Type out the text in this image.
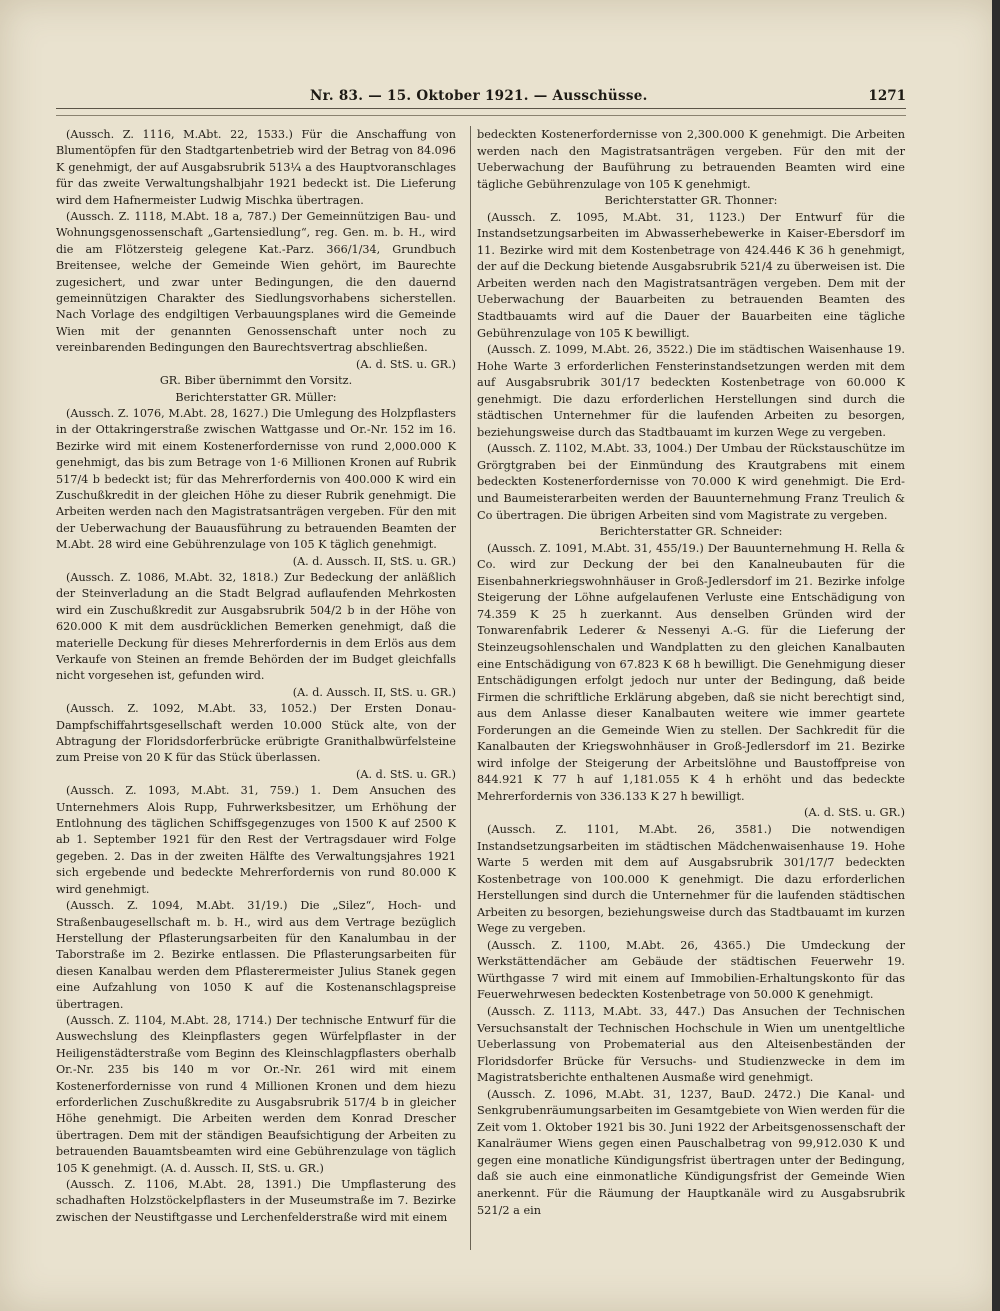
Nr. 83. — 15. Oktober 1921. — Ausschüsse.	1271

(Aussch. Z. 1116, M.Abt. 22, 1533.) Für die Anschaffung von Blumentöpfen für den Stadtgartenbetrieb wird der Betrag von 84.096 K genehmigt, der auf Ausgabsrubrik 513¼ a des Hauptvoranschlages für das zweite Verwaltungshalbjahr 1921 bedeckt ist. Die Lieferung wird dem Hafnermeister Ludwig Mischka übertragen.

(Aussch. Z. 1118, M.Abt. 18 a, 787.) Der Gemeinnützigen Bau- und Wohnungsgenossenschaft „Gartensiedlung“, reg. Gen. m. b. H., wird die am Flötzersteig gelegene Kat.-Parz. 366/1/34, Grundbuch Breitensee, welche der Gemeinde Wien gehört, im Baurechte zugesichert, und zwar unter Bedingungen, die den dauernd gemeinnützigen Charakter des Siedlungsvorhabens sicherstellen. Nach Vorlage des endgiltigen Verbauungsplanes wird die Gemeinde Wien mit der genannten Genossenschaft unter noch zu vereinbarenden Bedingungen den Baurechtsvertrag abschließen.

(A. d. StS. u. GR.)

GR. Biber übernimmt den Vorsitz.

Berichterstatter GR. Müller:

(Aussch. Z. 1076, M.Abt. 28, 1627.) Die Umlegung des Holzpflasters in der Ottakringerstraße zwischen Wattgasse und Or.-Nr. 152 im 16. Bezirke wird mit einem Kostenerfordernisse von rund 2,000.000 K genehmigt, das bis zum Betrage von 1·6 Millionen Kronen auf Rubrik 517/4 b bedeckt ist; für das Mehrerfordernis von 400.000 K wird ein Zuschußkredit in der gleichen Höhe zu dieser Rubrik genehmigt. Die Arbeiten werden nach den Magistratsanträgen vergeben. Für den mit der Ueberwachung der Bauausführung zu betrauenden Beamten der M.Abt. 28 wird eine Gebührenzulage von 105 K täglich genehmigt.

(A. d. Aussch. II, StS. u. GR.)

(Aussch. Z. 1086, M.Abt. 32, 1818.) Zur Bedeckung der anläßlich der Steinverladung an die Stadt Belgrad auflaufenden Mehrkosten wird ein Zuschußkredit zur Ausgabsrubrik 504/2 b in der Höhe von 620.000 K mit dem ausdrücklichen Bemerken genehmigt, daß die materielle Deckung für dieses Mehrerfordernis in dem Erlös aus dem Verkaufe von Steinen an fremde Behörden der im Budget gleichfalls nicht vorgesehen ist, gefunden wird.

(A. d. Aussch. II, StS. u. GR.)

(Aussch. Z. 1092, M.Abt. 33, 1052.) Der Ersten Donau-Dampfschiffahrtsgesellschaft werden 10.000 Stück alte, von der Abtragung der Floridsdorferbrücke erübrigte Granithalbwürfelsteine zum Preise von 20 K für das Stück überlassen.

(A. d. StS. u. GR.)

(Aussch. Z. 1093, M.Abt. 31, 759.) 1. Dem Ansuchen des Unternehmers Alois Rupp, Fuhrwerksbesitzer, um Erhöhung der Entlohnung des täglichen Schiffsgegenzuges von 1500 K auf 2500 K ab 1. September 1921 für den Rest der Vertragsdauer wird Folge gegeben. 2. Das in der zweiten Hälfte des Verwaltungsjahres 1921 sich ergebende und bedeckte Mehrerfordernis von rund 80.000 K wird genehmigt.

(Aussch. Z. 1094, M.Abt. 31/19.) Die „Silez“, Hoch- und Straßenbaugesellschaft m. b. H., wird aus dem Vertrage bezüglich Herstellung der Pflasterungsarbeiten für den Kanalumbau in der Taborstraße im 2. Bezirke entlassen. Die Pflasterungsarbeiten für diesen Kanalbau werden dem Pflasterermeister Julius Stanek gegen eine Aufzahlung von 1050 K auf die Kostenanschlagspreise übertragen.

(Aussch. Z. 1104, M.Abt. 28, 1714.) Der technische Entwurf für die Auswechslung des Kleinpflasters gegen Würfelpflaster in der Heiligenstädterstraße vom Beginn des Kleinschlagpflasters oberhalb Or.-Nr. 235 bis 140 m vor Or.-Nr. 261 wird mit einem Kostenerfordernisse von rund 4 Millionen Kronen und dem hiezu erforderlichen Zuschußkredite zu Ausgabsrubrik 517/4 b in gleicher Höhe genehmigt. Die Arbeiten werden dem Konrad Drescher übertragen. Dem mit der ständigen Beaufsichtigung der Arbeiten zu betrauenden Bauamtsbeamten wird eine Gebührenzulage von täglich 105 K genehmigt. (A. d. Aussch. II, StS. u. GR.)

(Aussch. Z. 1106, M.Abt. 28, 1391.) Die Umpflasterung des schadhaften Holzstöckelpflasters in der Museumstraße im 7. Bezirke zwischen der Neustiftgasse und Lerchenfelderstraße wird mit einem

bedeckten Kostenerfordernisse von 2,300.000 K genehmigt. Die Arbeiten werden nach den Magistratsanträgen vergeben. Für den mit der Ueberwachung der Bauführung zu betrauenden Beamten wird eine tägliche Gebührenzulage von 105 K genehmigt.

Berichterstatter GR. Thonner:

(Aussch. Z. 1095, M.Abt. 31, 1123.) Der Entwurf für die Instandsetzungsarbeiten im Abwasserhebewerke in Kaiser-Ebersdorf im 11. Bezirke wird mit dem Kostenbetrage von 424.446 K 36 h genehmigt, der auf die Deckung bietende Ausgabsrubrik 521/4 zu überweisen ist. Die Arbeiten werden nach den Magistratsanträgen vergeben. Dem mit der Ueberwachung der Bauarbeiten zu betrauenden Beamten des Stadtbauamts wird auf die Dauer der Bauarbeiten eine tägliche Gebührenzulage von 105 K bewilligt.

(Aussch. Z. 1099, M.Abt. 26, 3522.) Die im städtischen Waisenhause 19. Hohe Warte 3 erforderlichen Fensterinstandsetzungen werden mit dem auf Ausgabsrubrik 301/17 bedeckten Kostenbetrage von 60.000 K genehmigt. Die dazu erforderlichen Herstellungen sind durch die städtischen Unternehmer für die laufenden Arbeiten zu besorgen, beziehungsweise durch das Stadtbauamt im kurzen Wege zu vergeben.

(Aussch. Z. 1102, M.Abt. 33, 1004.) Der Umbau der Rückstauschütze im Grörgtgraben bei der Einmündung des Krautgrabens mit einem bedeckten Kostenerfordernisse von 70.000 K wird genehmigt. Die Erd- und Baumeisterarbeiten werden der Bauunternehmung Franz Treulich & Co übertragen. Die übrigen Arbeiten sind vom Magistrate zu vergeben.

Berichterstatter GR. Schneider:

(Aussch. Z. 1091, M.Abt. 31, 455/19.) Der Bauunternehmung H. Rella & Co. wird zur Deckung der bei den Kanalneubauten für die Eisenbahnerkriegswohnhäuser in Groß-Jedlersdorf im 21. Bezirke infolge Steigerung der Löhne aufgelaufenen Verluste eine Entschädigung von 74.359 K 25 h zuerkannt. Aus denselben Gründen wird der Tonwarenfabrik Lederer & Nessenyi A.-G. für die Lieferung der Steinzeugsohlenschalen und Wandplatten zu den gleichen Kanalbauten eine Entschädigung von 67.823 K 68 h bewilligt. Die Genehmigung dieser Entschädigungen erfolgt jedoch nur unter der Bedingung, daß beide Firmen die schriftliche Erklärung abgeben, daß sie nicht berechtigt sind, aus dem Anlasse dieser Kanalbauten weitere wie immer geartete Forderungen an die Gemeinde Wien zu stellen. Der Sachkredit für die Kanalbauten der Kriegswohnhäuser in Groß-Jedlersdorf im 21. Bezirke wird infolge der Steigerung der Arbeitslöhne und Baustoffpreise von 844.921 K 77 h auf 1,181.055 K 4 h erhöht und das bedeckte Mehrerfordernis von 336.133 K 27 h bewilligt.

(A. d. StS. u. GR.)

(Aussch. Z. 1101, M.Abt. 26, 3581.) Die notwendigen Instandsetzungsarbeiten im städtischen Mädchenwaisenhause 19. Hohe Warte 5 werden mit dem auf Ausgabsrubrik 301/17/7 bedeckten Kostenbetrage von 100.000 K genehmigt. Die dazu erforderlichen Herstellungen sind durch die Unternehmer für die laufenden städtischen Arbeiten zu besorgen, beziehungsweise durch das Stadtbauamt im kurzen Wege zu vergeben.

(Aussch. Z. 1100, M.Abt. 26, 4365.) Die Umdeckung der Werkstättendächer am Gebäude der städtischen Feuerwehr 19. Würthgasse 7 wird mit einem auf Immobilien-Erhaltungskonto für das Feuerwehrwesen bedeckten Kostenbetrage von 50.000 K genehmigt.

(Aussch. Z. 1113, M.Abt. 33, 447.) Das Ansuchen der Technischen Versuchsanstalt der Technischen Hochschule in Wien um unentgeltliche Ueberlassung von Probematerial aus den Alteisenbeständen der Floridsdorfer Brücke für Versuchs- und Studienzwecke in dem im Magistratsberichte enthaltenen Ausmaße wird genehmigt.

(Aussch. Z. 1096, M.Abt. 31, 1237, BauD. 2472.) Die Kanal- und Senkgrubenräumungsarbeiten im Gesamtgebiete von Wien werden für die Zeit vom 1. Oktober 1921 bis 30. Juni 1922 der Arbeitsgenossenschaft der Kanalräumer Wiens gegen einen Pauschalbetrag von 99,912.030 K und gegen eine monatliche Kündigungsfrist übertragen unter der Bedingung, daß sie auch eine einmonatliche Kündigungsfrist der Gemeinde Wien anerkennt. Für die Räumung der Hauptkanäle wird zu Ausgabsrubrik 521/2 a ein
